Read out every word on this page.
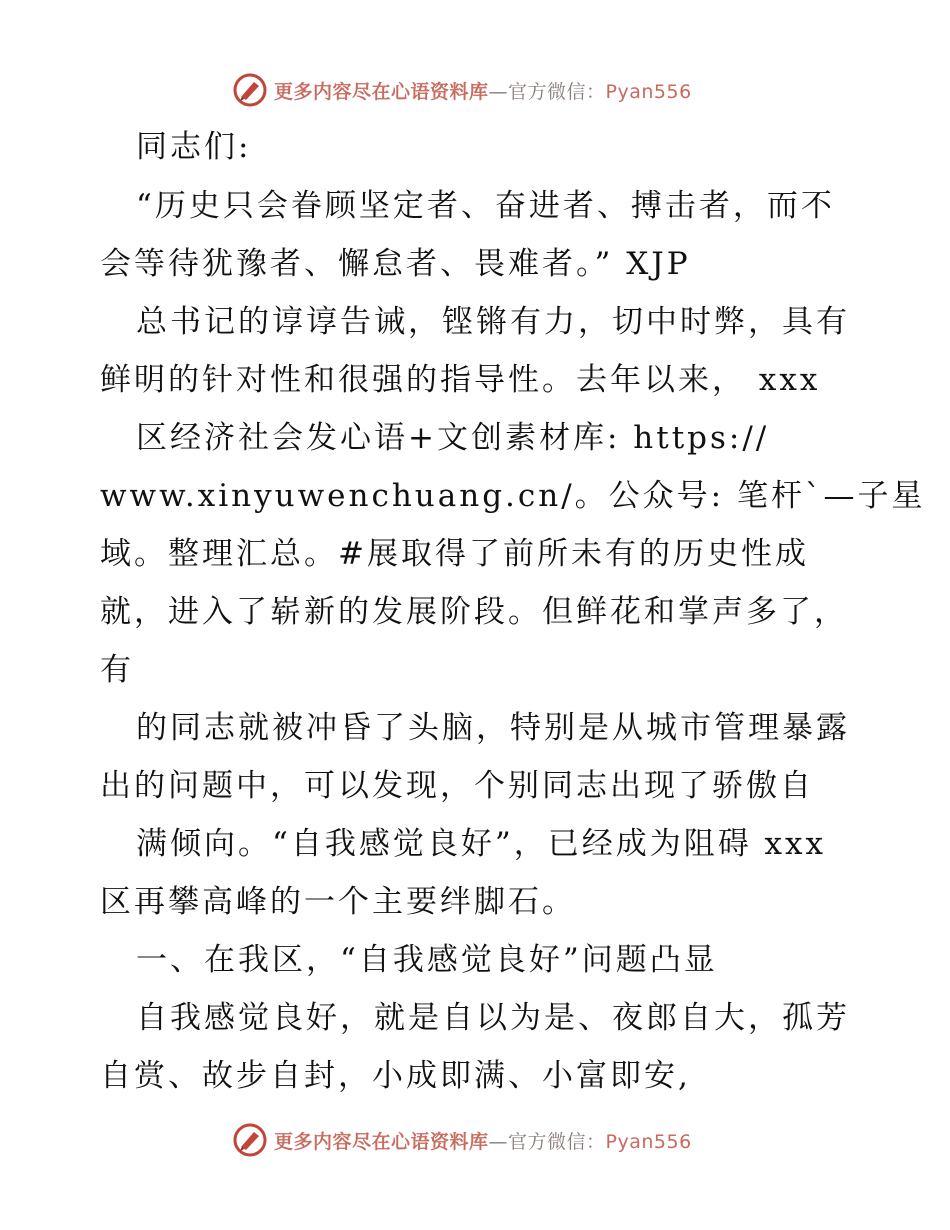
更多内容尽在心语资料库—官方微信：Pyan556
同志们:
“历史只会眷顾坚定者、奋进者、搏击者，而不
会等待犹豫者、懈怠者、畏难者。” XJP
总书记的谆谆告诫，铿锵有力，切中时弊，具有
鲜明的针对性和很强的指导性。去年以来， xxx
区经济社会发心语+文创素材库: https://
www.xinyuwenchuang.cn/。公众号: 笔杆`—子星
域。整理汇总。#展取得了前所未有的历史性成
就，进入了崭新的发展阶段。但鲜花和掌声多了，
有
的同志就被冲昏了头脑，特别是从城市管理暴露
出的问题中，可以发现，个别同志出现了骄傲自
满倾向。“自我感觉良好”，已经成为阻碍 xxx
区再攀高峰的一个主要绊脚石。
一、在我区，“自我感觉良好”问题凸显
自我感觉良好，就是自以为是、夜郎自大，孤芳
自赏、故步自封，小成即满、小富即安,
更多内容尽在心语资料库—官方微信：Pyan556
